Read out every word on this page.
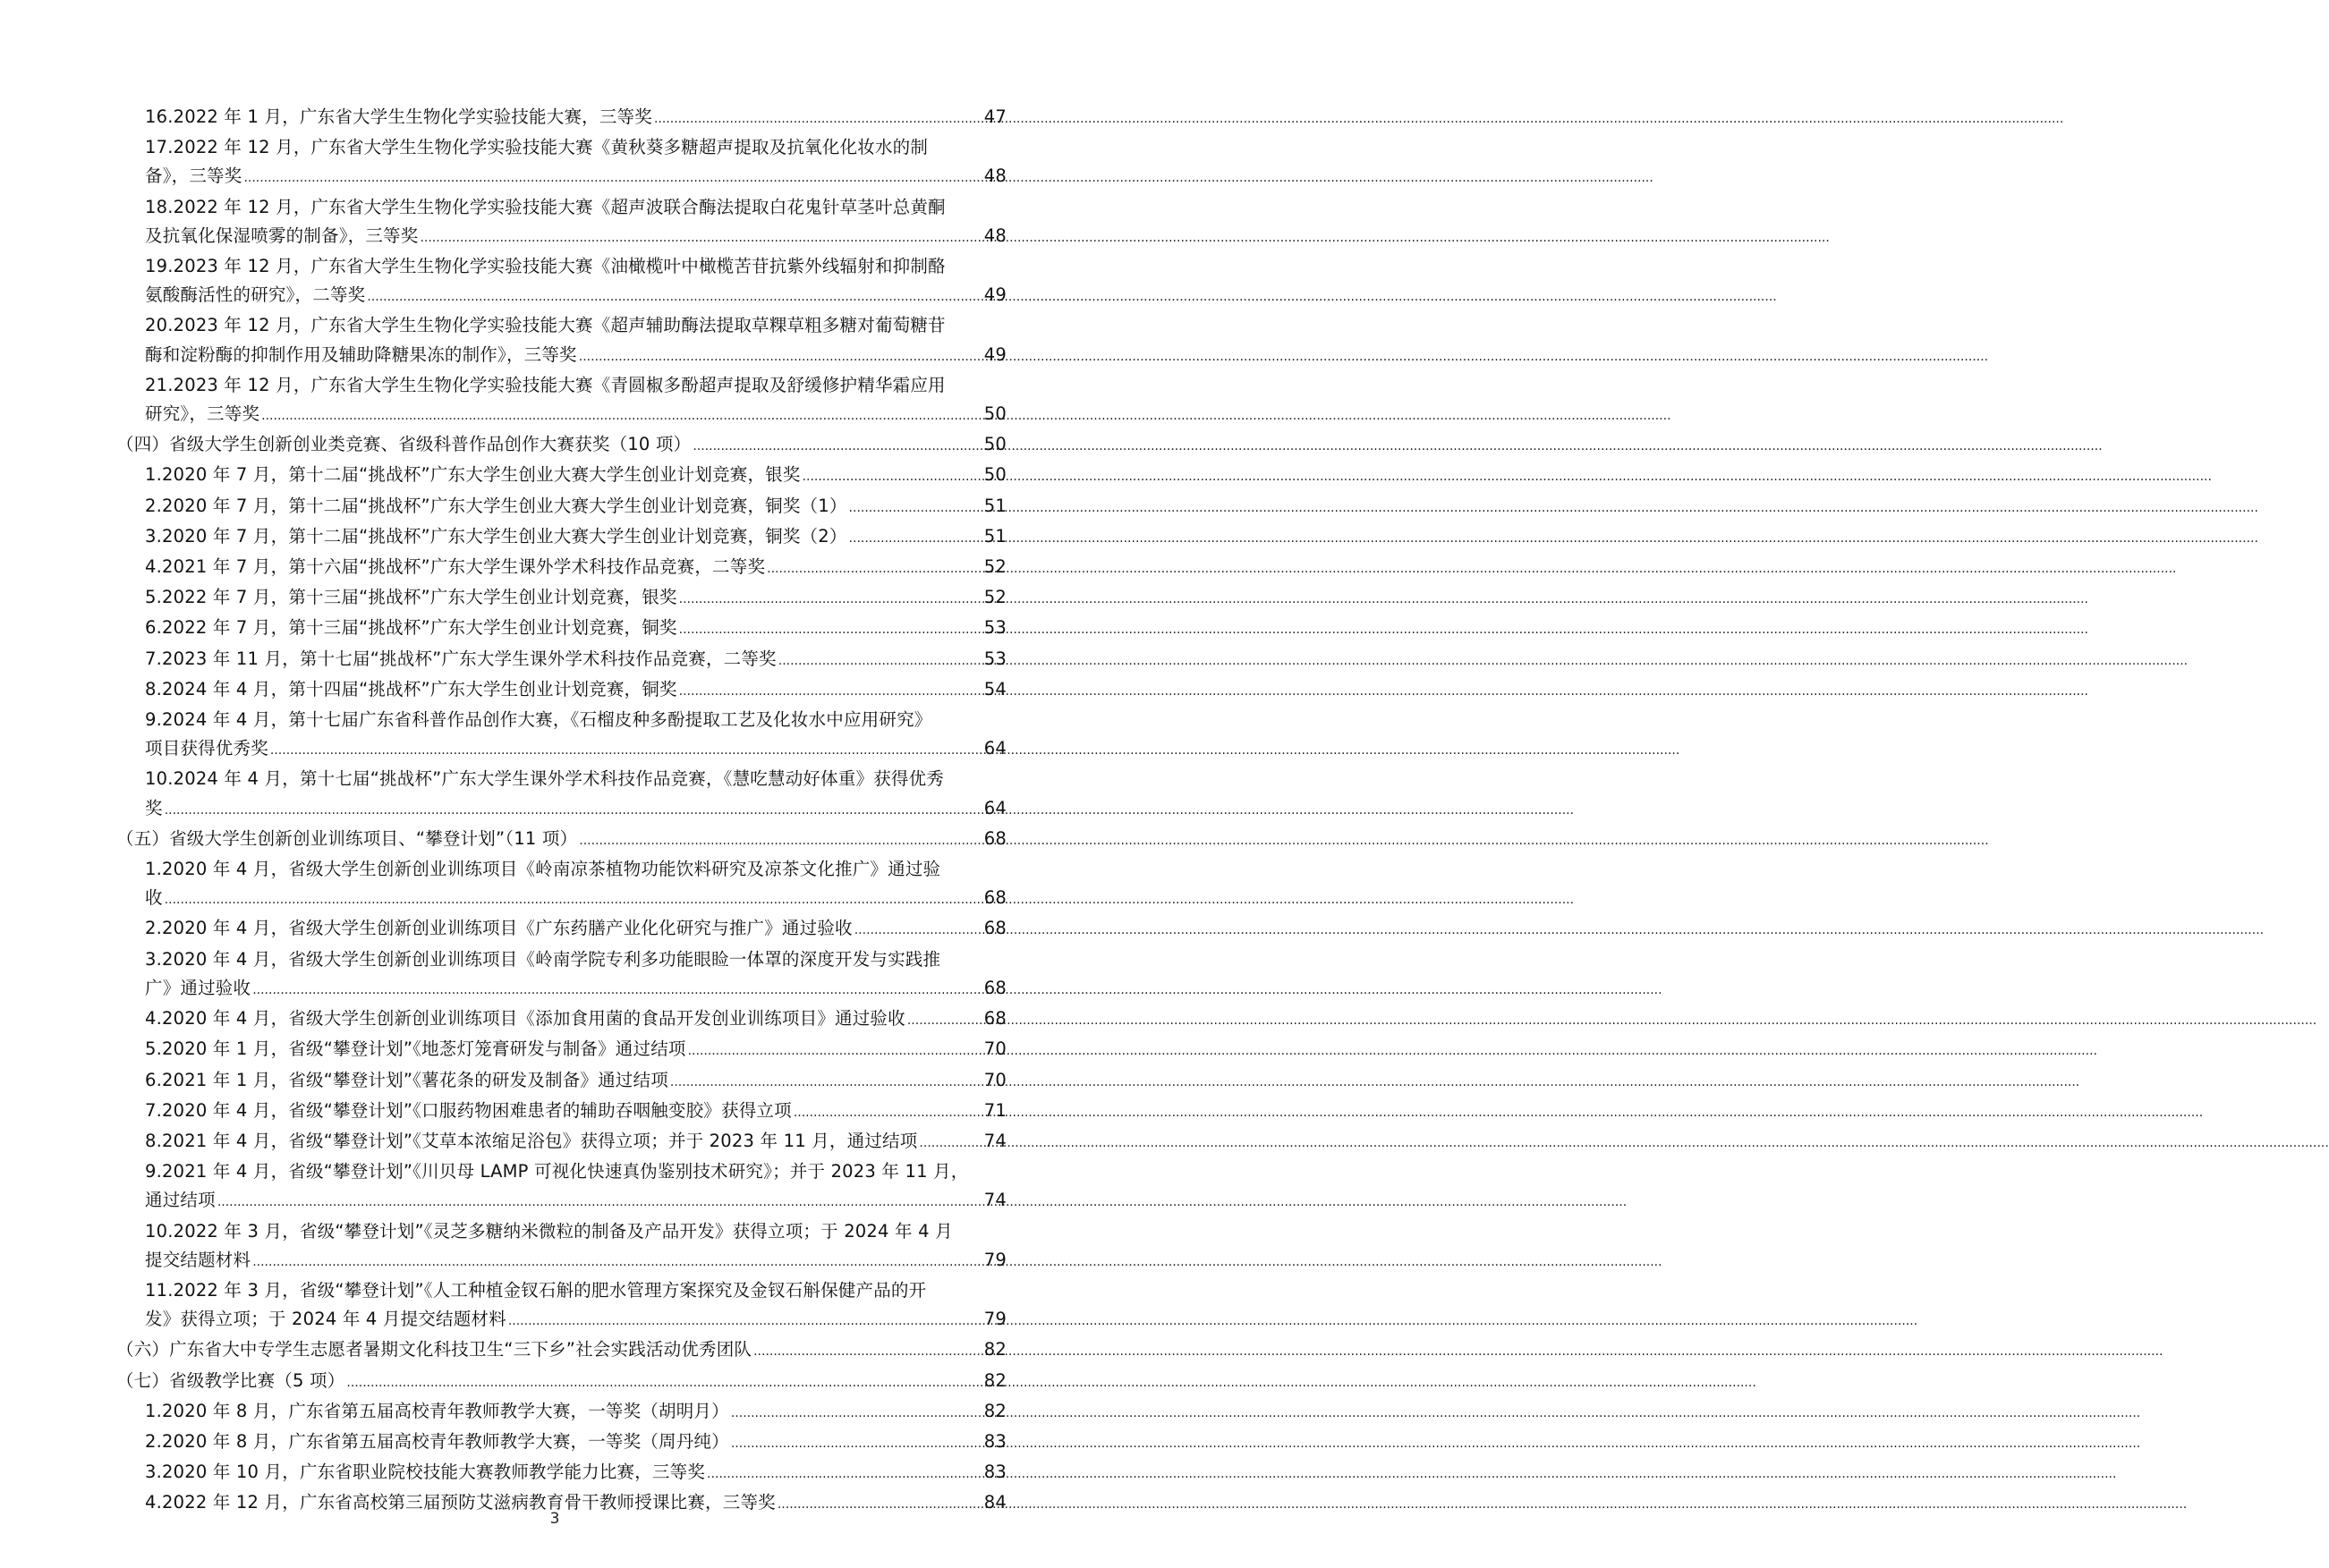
16.2022 年 1 月，广东省大学生生物化学实验技能大赛，三等奖 .....	47
17.2022 年 12 月，广东省大学生生物化学实验技能大赛《黄秋葵多糖超声提取及抗氧化化妆水的制
备》，三等奖 .....	48
18.2022 年 12 月，广东省大学生生物化学实验技能大赛《超声波联合酶法提取白花鬼针草茎叶总黄酮
及抗氧化保湿喷雾的制备》，三等奖 .....	48
19.2023 年 12 月，广东省大学生生物化学实验技能大赛《油橄榄叶中橄榄苦苷抗紫外线辐射和抑制酪
氨酸酶活性的研究》，二等奖 .....	49
20.2023 年 12 月，广东省大学生生物化学实验技能大赛《超声辅助酶法提取草粿草粗多糖对葡萄糖苷
酶和淀粉酶的抑制作用及辅助降糖果冻的制作》，三等奖 .....	49
21.2023 年 12 月，广东省大学生生物化学实验技能大赛《青圆椒多酚超声提取及舒缓修护精华霜应用
研究》，三等奖 .....	50
（四）省级大学生创新创业类竞赛、省级科普作品创作大赛获奖（10 项） .....	50
1.2020 年 7 月，第十二届“挑战杯”广东大学生创业大赛大学生创业计划竞赛，银奖 .....	50
2.2020 年 7 月，第十二届“挑战杯”广东大学生创业大赛大学生创业计划竞赛，铜奖（1） .....	51
3.2020 年 7 月，第十二届“挑战杯”广东大学生创业大赛大学生创业计划竞赛，铜奖（2） .....	51
4.2021 年 7 月，第十六届“挑战杯”广东大学生课外学术科技作品竞赛，二等奖 .....	52
5.2022 年 7 月，第十三届“挑战杯”广东大学生创业计划竞赛，银奖 .....	52
6.2022 年 7 月，第十三届“挑战杯”广东大学生创业计划竞赛，铜奖 .....	53
7.2023 年 11 月，第十七届“挑战杯”广东大学生课外学术科技作品竞赛，二等奖 .....	53
8.2024 年 4 月，第十四届“挑战杯”广东大学生创业计划竞赛，铜奖 .....	54
9.2024 年 4 月，第十七届广东省科普作品创作大赛，《石榴皮种多酚提取工艺及化妆水中应用研究》
项目获得优秀奖 .....	64
10.2024 年 4 月，第十七届“挑战杯”广东大学生课外学术科技作品竞赛，《慧吃慧动好体重》获得优秀
奖 .....	64
（五）省级大学生创新创业训练项目、“攀登计划”（11 项） .....	68
1.2020 年 4 月，省级大学生创新创业训练项目《岭南凉茶植物功能饮料研究及凉茶文化推广》通过验
收 .....	68
2.2020 年 4 月，省级大学生创新创业训练项目《广东药膳产业化化研究与推广》通过验收 .....	68
3.2020 年 4 月，省级大学生创新创业训练项目《岭南学院专利多功能眼睑一体罩的深度开发与实践推
广》通过验收 .....	68
4.2020 年 4 月，省级大学生创新创业训练项目《添加食用菌的食品开发创业训练项目》通过验收 .....	68
5.2020 年 1 月，省级“攀登计划”《地菍灯笼膏研发与制备》通过结项 .....	70
6.2021 年 1 月，省级“攀登计划”《薯花条的研发及制备》通过结项 .....	70
7.2020 年 4 月，省级“攀登计划”《口服药物困难患者的辅助吞咽触变胶》获得立项 .....	71
8.2021 年 4 月，省级“攀登计划”《艾草本浓缩足浴包》获得立项；并于 2023 年 11 月，通过结项 .....	74
9.2021 年 4 月，省级“攀登计划”《川贝母 LAMP 可视化快速真伪鉴别技术研究》；并于 2023 年 11 月，
通过结项 .....	74
10.2022 年 3 月，省级“攀登计划”《灵芝多糖纳米微粒的制备及产品开发》获得立项；于 2024 年 4 月
提交结题材料 .....	79
11.2022 年 3 月，省级“攀登计划”《人工种植金钗石斛的肥水管理方案探究及金钗石斛保健产品的开
发》获得立项；于 2024 年 4 月提交结题材料 .....	79
（六）广东省大中专学生志愿者暑期文化科技卫生“三下乡”社会实践活动优秀团队 .....	82
（七）省级教学比赛（5 项） .....	82
1.2020 年 8 月，广东省第五届高校青年教师教学大赛，一等奖（胡明月） .....	82
2.2020 年 8 月，广东省第五届高校青年教师教学大赛，一等奖（周丹纯） .....	83
3.2020 年 10 月，广东省职业院校技能大赛教师教学能力比赛，三等奖 .....	83
4.2022 年 12 月，广东省高校第三届预防艾滋病教育骨干教师授课比赛，三等奖 .....	84
3
